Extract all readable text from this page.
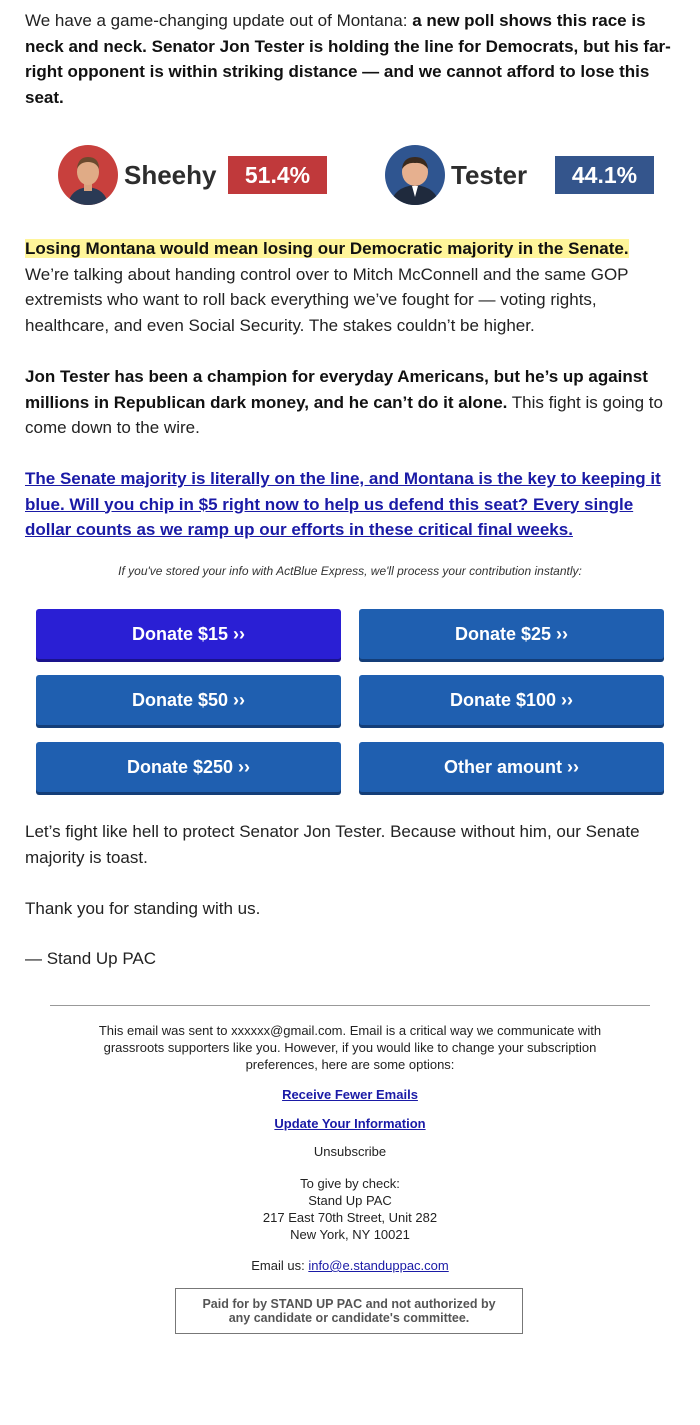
We have a game-changing update out of Montana: a new poll shows this race is neck and neck. Senator Jon Tester is holding the line for Democrats, but his far-right opponent is within striking distance — and we cannot afford to lose this seat.

Sheehy	51.4%	Tester	44.1%

Losing Montana would mean losing our Democratic majority in the Senate. We’re talking about handing control over to Mitch McConnell and the same GOP extremists who want to roll back everything we’ve fought for — voting rights, healthcare, and even Social Security. The stakes couldn’t be higher.

Jon Tester has been a champion for everyday Americans, but he’s up against millions in Republican dark money, and he can’t do it alone. This fight is going to come down to the wire.

The Senate majority is literally on the line, and Montana is the key to keeping it blue. Will you chip in $5 right now to help us defend this seat? Every single dollar counts as we ramp up our efforts in these critical final weeks.

If you've stored your info with ActBlue Express, we'll process your contribution instantly:
Donate $15 ››	Donate $25 ››
Donate $50 ››	Donate $100 ››
Donate $250 ››	Other amount ››

Let’s fight like hell to protect Senator Jon Tester. Because without him, our Senate majority is toast.

Thank you for standing with us.

— Stand Up PAC

This email was sent to xxxxxx@gmail.com. Email is a critical way we communicate with grassroots supporters like you. However, if you would like to change your subscription preferences, here are some options:
Receive Fewer Emails
Update Your Information
Unsubscribe
To give by check:
Stand Up PAC
217 East 70th Street, Unit 282
New York, NY 10021
Email us: info@e.standuppac.com
Paid for by STAND UP PAC and not authorized by any candidate or candidate's committee.
